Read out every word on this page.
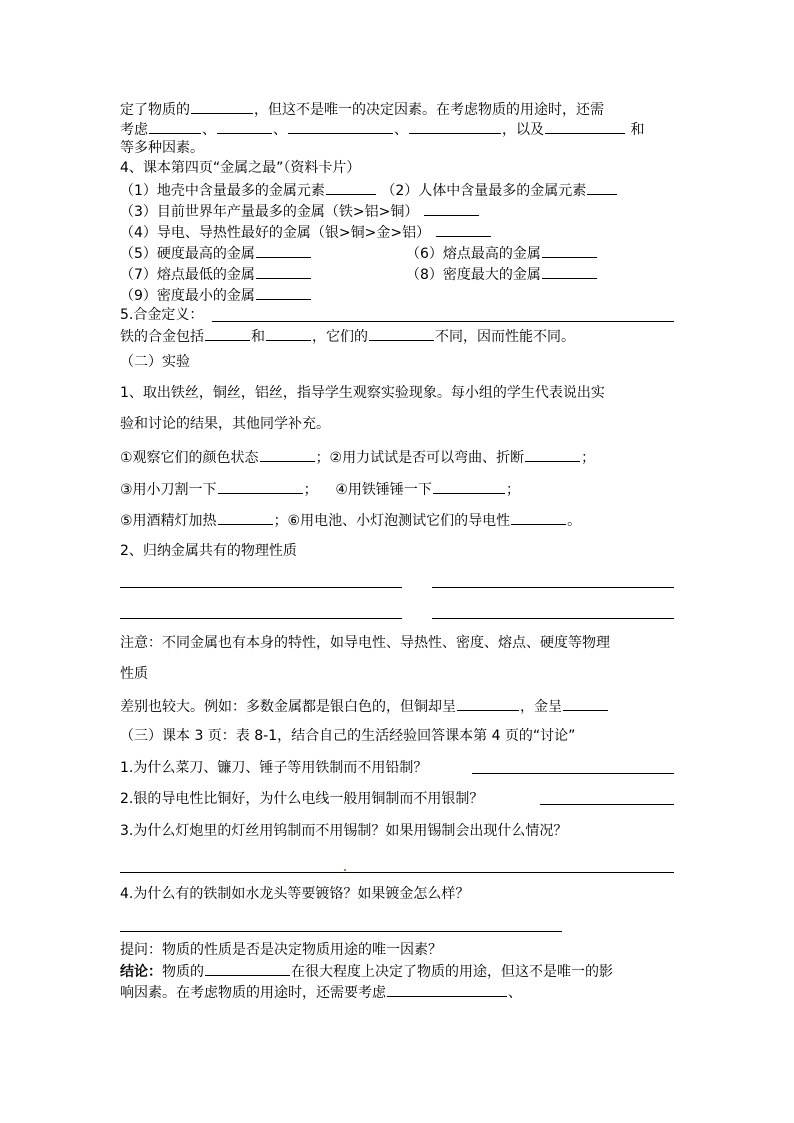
定了物质的	，但这不是唯一的决定因素。在考虑物质的用途时，还需
考虑	、	、	、	，以及	和
等多种因素。
4、课本第四页“金属之最”（资料卡片）
（1）地壳中含量最多的金属元素	（2）人体中含量最多的金属元素
（3）目前世界年产量最多的金属（铁>铝>铜）
（4）导电、导热性最好的金属（银>铜>金>铝）
（5）硬度最高的金属	（6）熔点最高的金属
（7）熔点最低的金属	（8）密度最大的金属
（9）密度最小的金属
5.合金定义：
铁的合金包括	和	，它们的	不同，因而性能不同。
（二）实验
1、取出铁丝，铜丝，铝丝，指导学生观察实验现象。每小组的学生代表说出实
验和讨论的结果，其他同学补充。
①观察它们的颜色状态	；②用力试试是否可以弯曲、折断	；
③用小刀割一下	； ④用铁锤锤一下	；
⑤用酒精灯加热	；⑥用电池、小灯泡测试它们的导电性	。
2、归纳金属共有的物理性质
注意：不同金属也有本身的特性，如导电性、导热性、密度、熔点、硬度等物理
性质
差别也较大。例如：多数金属都是银白色的，但铜却呈	，金呈
（三）课本 3 页：表 8-1，结合自己的生活经验回答课本第 4 页的“讨论”
1.为什么菜刀、镰刀、锤子等用铁制而不用铅制？
2.银的导电性比铜好，为什么电线一般用铜制而不用银制？
3.为什么灯炮里的灯丝用钨制而不用锡制？如果用锡制会出现什么情况？
4.为什么有的铁制如水龙头等要镀铬？如果镀金怎么样？
提问：物质的性质是否是决定物质用途的唯一因素？
结论：物质的	在很大程度上决定了物质的用途，但这不是唯一的影
响因素。在考虑物质的用途时，还需要考虑	、
